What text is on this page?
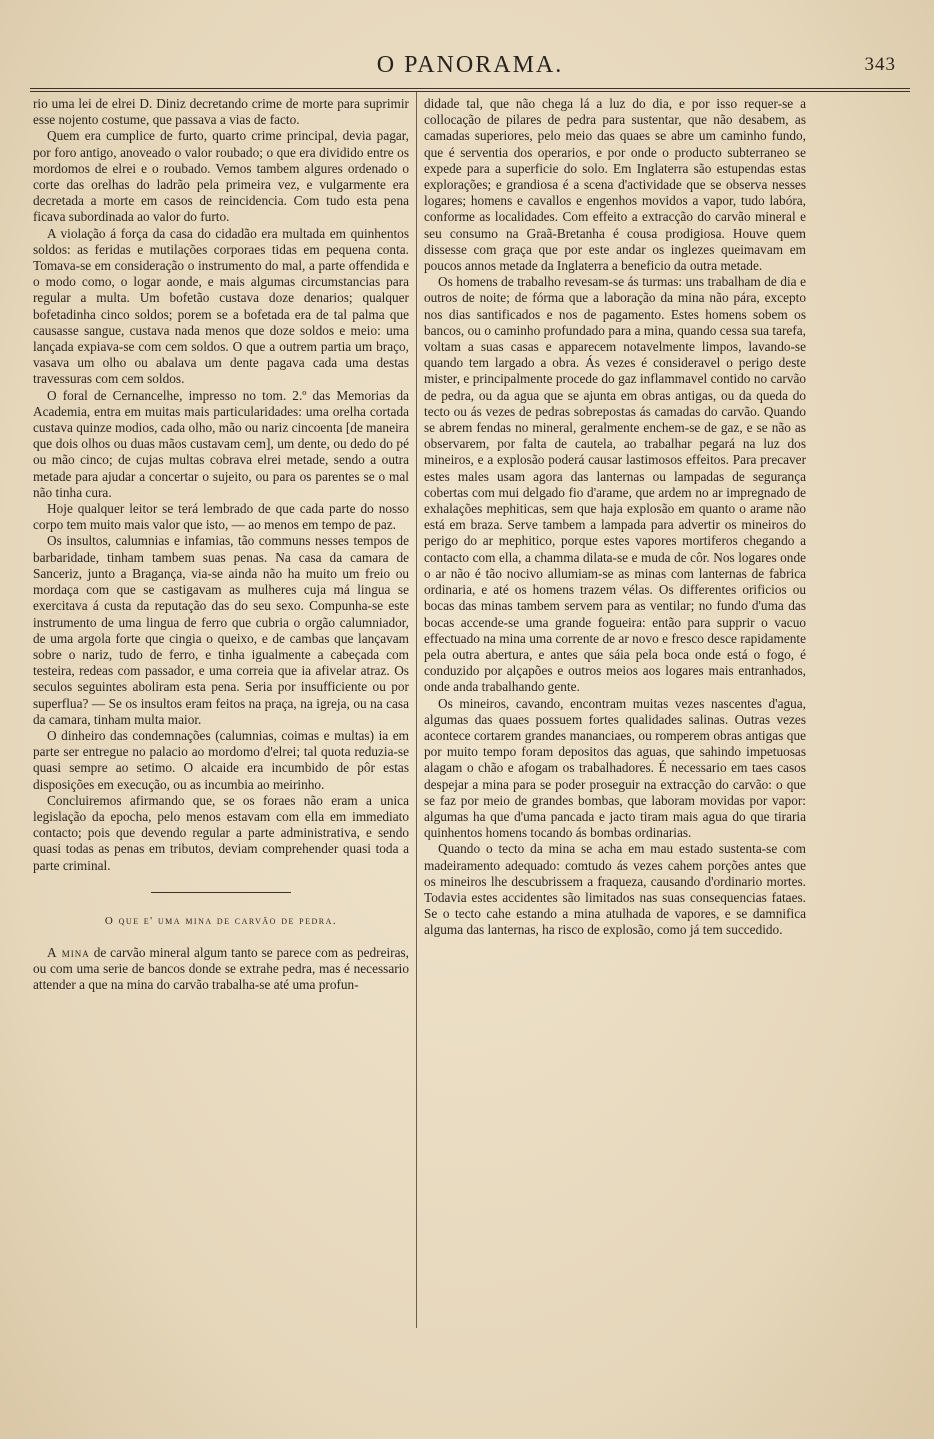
O PANORAMA.	343

rio uma lei de elrei D. Diniz decretando crime de morte para suprimir esse nojento costume, que passava a vias de facto.

Quem era cumplice de furto, quarto crime principal, devia pagar, por foro antigo, anoveado o valor roubado; o que era dividido entre os mordomos de elrei e o roubado. Vemos tambem algures ordenado o corte das orelhas do ladrão pela primeira vez, e vulgarmente era decretada a morte em casos de reincidencia. Com tudo esta pena ficava subordinada ao valor do furto.

A violação á força da casa do cidadão era multada em quinhentos soldos: as feridas e mutilações corporaes tidas em pequena conta. Tomava-se em consideração o instrumento do mal, a parte offendida e o modo como, o logar aonde, e mais algumas circumstancias para regular a multa. Um bofetão custava doze denarios; qualquer bofetadinha cinco soldos; porem se a bofetada era de tal palma que causasse sangue, custava nada menos que doze soldos e meio: uma lançada expiava-se com cem soldos. O que a outrem partia um braço, vasava um olho ou abalava um dente pagava cada uma destas travessuras com cem soldos.

O foral de Cernancelhe, impresso no tom. 2.º das Memorias da Academia, entra em muitas mais particularidades: uma orelha cortada custava quinze modios, cada olho, mão ou nariz cincoenta [de maneira que dois olhos ou duas mãos custavam cem], um dente, ou dedo do pé ou mão cinco; de cujas multas cobrava elrei metade, sendo a outra metade para ajudar a concertar o sujeito, ou para os parentes se o mal não tinha cura.

Hoje qualquer leitor se terá lembrado de que cada parte do nosso corpo tem muito mais valor que isto, — ao menos em tempo de paz.

Os insultos, calumnias e infamias, tão communs nesses tempos de barbaridade, tinham tambem suas penas. Na casa da camara de Sanceriz, junto a Bragança, via-se ainda não ha muito um freio ou mordaça com que se castigavam as mulheres cuja má lingua se exercitava á custa da reputação das do seu sexo. Compunha-se este instrumento de uma lingua de ferro que cubria o orgão calumniador, de uma argola forte que cingia o queixo, e de cambas que lançavam sobre o nariz, tudo de ferro, e tinha igualmente a cabeçada com testeira, redeas com passador, e uma correia que ia afivelar atraz. Os seculos seguintes aboliram esta pena. Seria por insufficiente ou por superflua? — Se os insultos eram feitos na praça, na igreja, ou na casa da camara, tinham multa maior.

O dinheiro das condemnações (calumnias, coimas e multas) ia em parte ser entregue no palacio ao mordomo d'elrei; tal quota reduzia-se quasi sempre ao setimo. O alcaide era incumbido de pôr estas disposições em execução, ou as incumbia ao meirinho.

Concluiremos afirmando que, se os foraes não eram a unica legislação da epocha, pelo menos estavam com ella em immediato contacto; pois que devendo regular a parte administrativa, e sendo quasi todas as penas em tributos, deviam comprehender quasi toda a parte criminal.

O que e' uma mina de carvão de pedra.

A mina de carvão mineral algum tanto se parece com as pedreiras, ou com uma serie de bancos donde se extrahe pedra, mas é necessario attender a que na mina do carvão trabalha-se até uma profun-

didade tal, que não chega lá a luz do dia, e por isso requer-se a collocação de pilares de pedra para sustentar, que não desabem, as camadas superiores, pelo meio das quaes se abre um caminho fundo, que é serventia dos operarios, e por onde o producto subterraneo se expede para a superficie do solo. Em Inglaterra são estupendas estas explorações; e grandiosa é a scena d'actividade que se observa nesses logares; homens e cavallos e engenhos movidos a vapor, tudo labóra, conforme as localidades. Com effeito a extracção do carvão mineral e seu consumo na Graã-Bretanha é cousa prodigiosa. Houve quem dissesse com graça que por este andar os inglezes queimavam em poucos annos metade da Inglaterra a beneficio da outra metade.

Os homens de trabalho revesam-se ás turmas: uns trabalham de dia e outros de noite; de fórma que a laboração da mina não pára, excepto nos dias santificados e nos de pagamento. Estes homens sobem os bancos, ou o caminho profundado para a mina, quando cessa sua tarefa, voltam a suas casas e apparecem notavelmente limpos, lavando-se quando tem largado a obra. Ás vezes é consideravel o perigo deste mister, e principalmente procede do gaz inflammavel contido no carvão de pedra, ou da agua que se ajunta em obras antigas, ou da queda do tecto ou ás vezes de pedras sobrepostas ás camadas do carvão. Quando se abrem fendas no mineral, geralmente enchem-se de gaz, e se não as observarem, por falta de cautela, ao trabalhar pegará na luz dos mineiros, e a explosão poderá causar lastimosos effeitos. Para precaver estes males usam agora das lanternas ou lampadas de segurança cobertas com mui delgado fio d'arame, que ardem no ar impregnado de exhalações mephiticas, sem que haja explosão em quanto o arame não está em braza. Serve tambem a lampada para advertir os mineiros do perigo do ar mephitico, porque estes vapores mortiferos chegando a contacto com ella, a chamma dilata-se e muda de côr. Nos logares onde o ar não é tão nocivo allumiam-se as minas com lanternas de fabrica ordinaria, e até os homens trazem vélas. Os differentes orificios ou bocas das minas tambem servem para as ventilar; no fundo d'uma das bocas accende-se uma grande fogueira: então para supprir o vacuo effectuado na mina uma corrente de ar novo e fresco desce rapidamente pela outra abertura, e antes que sáia pela boca onde está o fogo, é conduzido por alçapões e outros meios aos logares mais entranhados, onde anda trabalhando gente.

Os mineiros, cavando, encontram muitas vezes nascentes d'agua, algumas das quaes possuem fortes qualidades salinas. Outras vezes acontece cortarem grandes mananciaes, ou romperem obras antigas que por muito tempo foram depositos das aguas, que sahindo impetuosas alagam o chão e afogam os trabalhadores. É necessario em taes casos despejar a mina para se poder proseguir na extracção do carvão: o que se faz por meio de grandes bombas, que laboram movidas por vapor: algumas ha que d'uma pancada e jacto tiram mais agua do que tiraria quinhentos homens tocando ás bombas ordinarias.

Quando o tecto da mina se acha em mau estado sustenta-se com madeiramento adequado: comtudo ás vezes cahem porções antes que os mineiros lhe descubrissem a fraqueza, causando d'ordinario mortes. Todavia estes accidentes são limitados nas suas consequencias fataes. Se o tecto cahe estando a mina atulhada de vapores, e se damnifica alguma das lanternas, ha risco de explosão, como já tem succedido.
